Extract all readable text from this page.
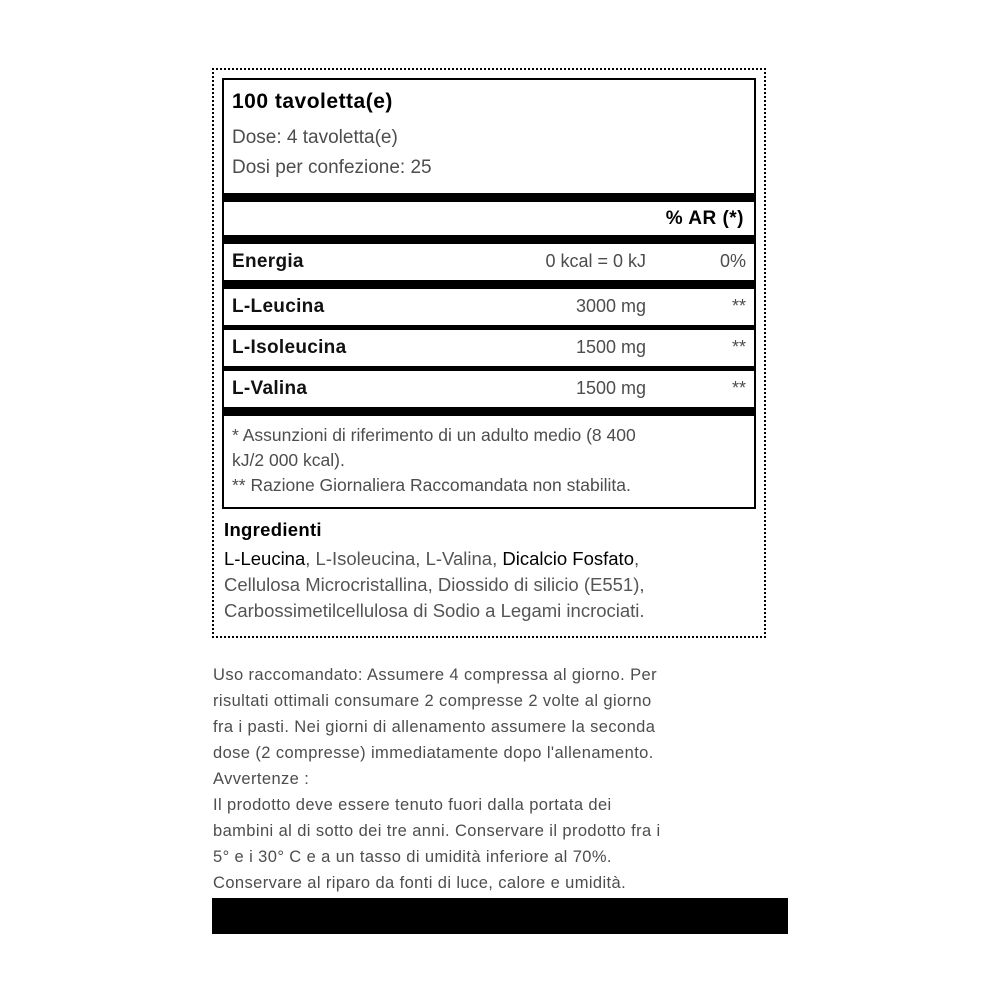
100 tavoletta(e)
Dose: 4 tavoletta(e)
Dosi per confezione: 25
% AR (*)
Energia	0 kcal = 0 kJ	0%
L-Leucina	3000 mg	**
L-Isoleucina	1500 mg	**
L-Valina	1500 mg	**
* Assunzioni di riferimento di un adulto medio (8 400
kJ/2 000 kcal).
** Razione Giornaliera Raccomandata non stabilita.
Ingredienti
L-Leucina, L-Isoleucina, L-Valina, Dicalcio Fosfato,
Cellulosa Microcristallina, Diossido di silicio (E551),
Carbossimetilcellulosa di Sodio a Legami incrociati.
Uso raccomandato: Assumere 4 compressa al giorno. Per
risultati ottimali consumare 2 compresse 2 volte al giorno
fra i pasti. Nei giorni di allenamento assumere la seconda
dose (2 compresse) immediatamente dopo l'allenamento.
Avvertenze :
Il prodotto deve essere tenuto fuori dalla portata dei
bambini al di sotto dei tre anni. Conservare il prodotto fra i
5° e i 30° C e a un tasso di umidità inferiore al 70%.
Conservare al riparo da fonti di luce, calore e umidità.
